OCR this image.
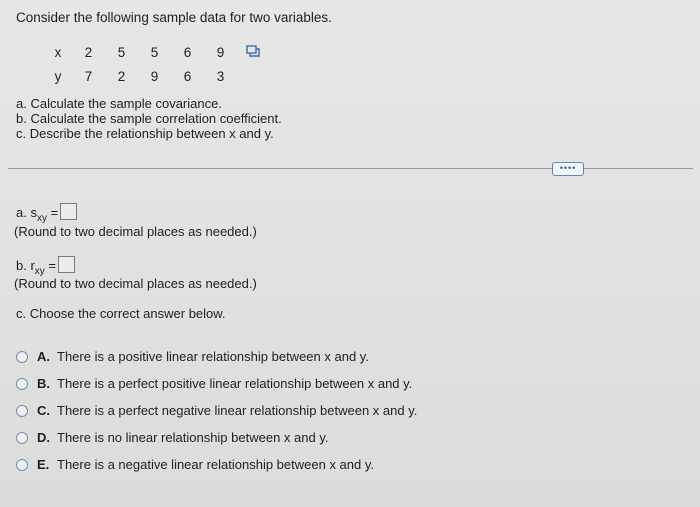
Consider the following sample data for two variables.
x	2	5	5	6	9
y	7	2	9	6	3
a. Calculate the sample covariance.
b. Calculate the sample correlation coefficient.
c. Describe the relationship between x and y.
••••
a. $s_{xy}$ =
(Round to two decimal places as needed.)
b. $r_{xy}$ =
(Round to two decimal places as needed.)
c. Choose the correct answer below.
A. There is a positive linear relationship between x and y.
B. There is a perfect positive linear relationship between x and y.
C. There is a perfect negative linear relationship between x and y.
D. There is no linear relationship between x and y.
E. There is a negative linear relationship between x and y.
